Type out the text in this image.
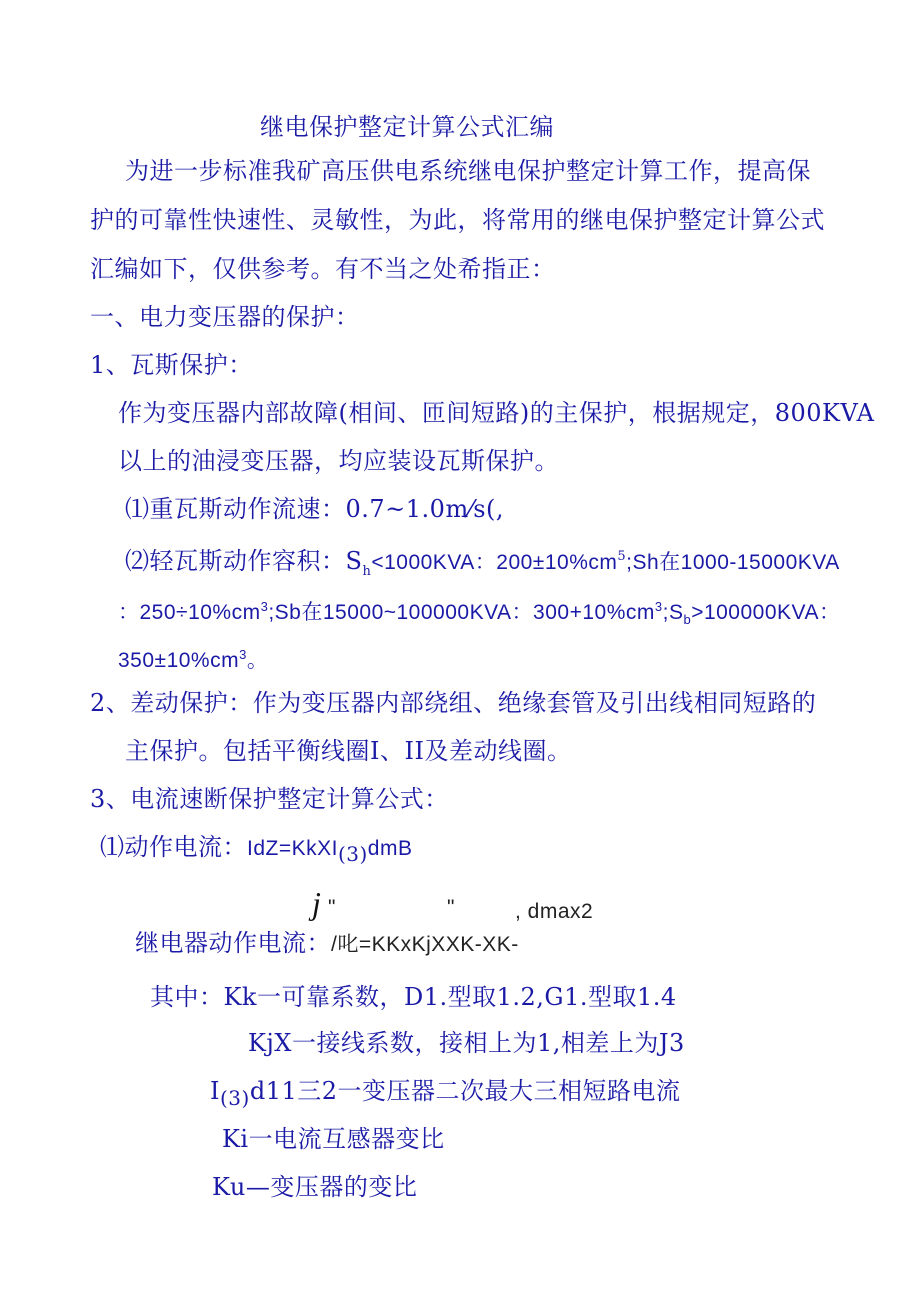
继电保护整定计算公式汇编
为进一步标准我矿高压供电系统继电保护整定计算工作，提高保
护的可靠性快速性、灵敏性，为此，将常用的继电保护整定计算公式
汇编如下，仅供参考。有不当之处希指正：
一、电力变压器的保护：
1、瓦斯保护：
作为变压器内部故障(相间、匝间短路)的主保护，根据规定，800KVA
以上的油浸变压器，均应装设瓦斯保护。
⑴重瓦斯动作流速：0.7~1.0m⁄s(,
⑵轻瓦斯动作容积：$S_h<1000KVA$：$200\pm 10\%cm^5;Sh$在1000-15000KVA
：$250\div 10\%cm^3;Sb$在15000~100000KVA：$300+10\%cm^3;S_b>100000KVA$：
$350\pm 10\%cm^3$。
2、差动保护：作为变压器内部绕组、绝缘套管及引出线相同短路的
主保护。包括平衡线圈I、II及差动线圈。
3、电流速断保护整定计算公式：
⑴动作电流：IdZ=KkXI$_{(3)}$dmB
j "	"	, dmax2
继电器动作电流：/叱=KKxKjXXK-XK-
其中：Kk一可靠系数，D1.型取1.2,G1.型取1.4
KjX一接线系数，接相上为1,相差上为J3
$I_{(3)}d11$三2一变压器二次最大三相短路电流
Ki一电流互感器变比
Ku—变压器的变比
